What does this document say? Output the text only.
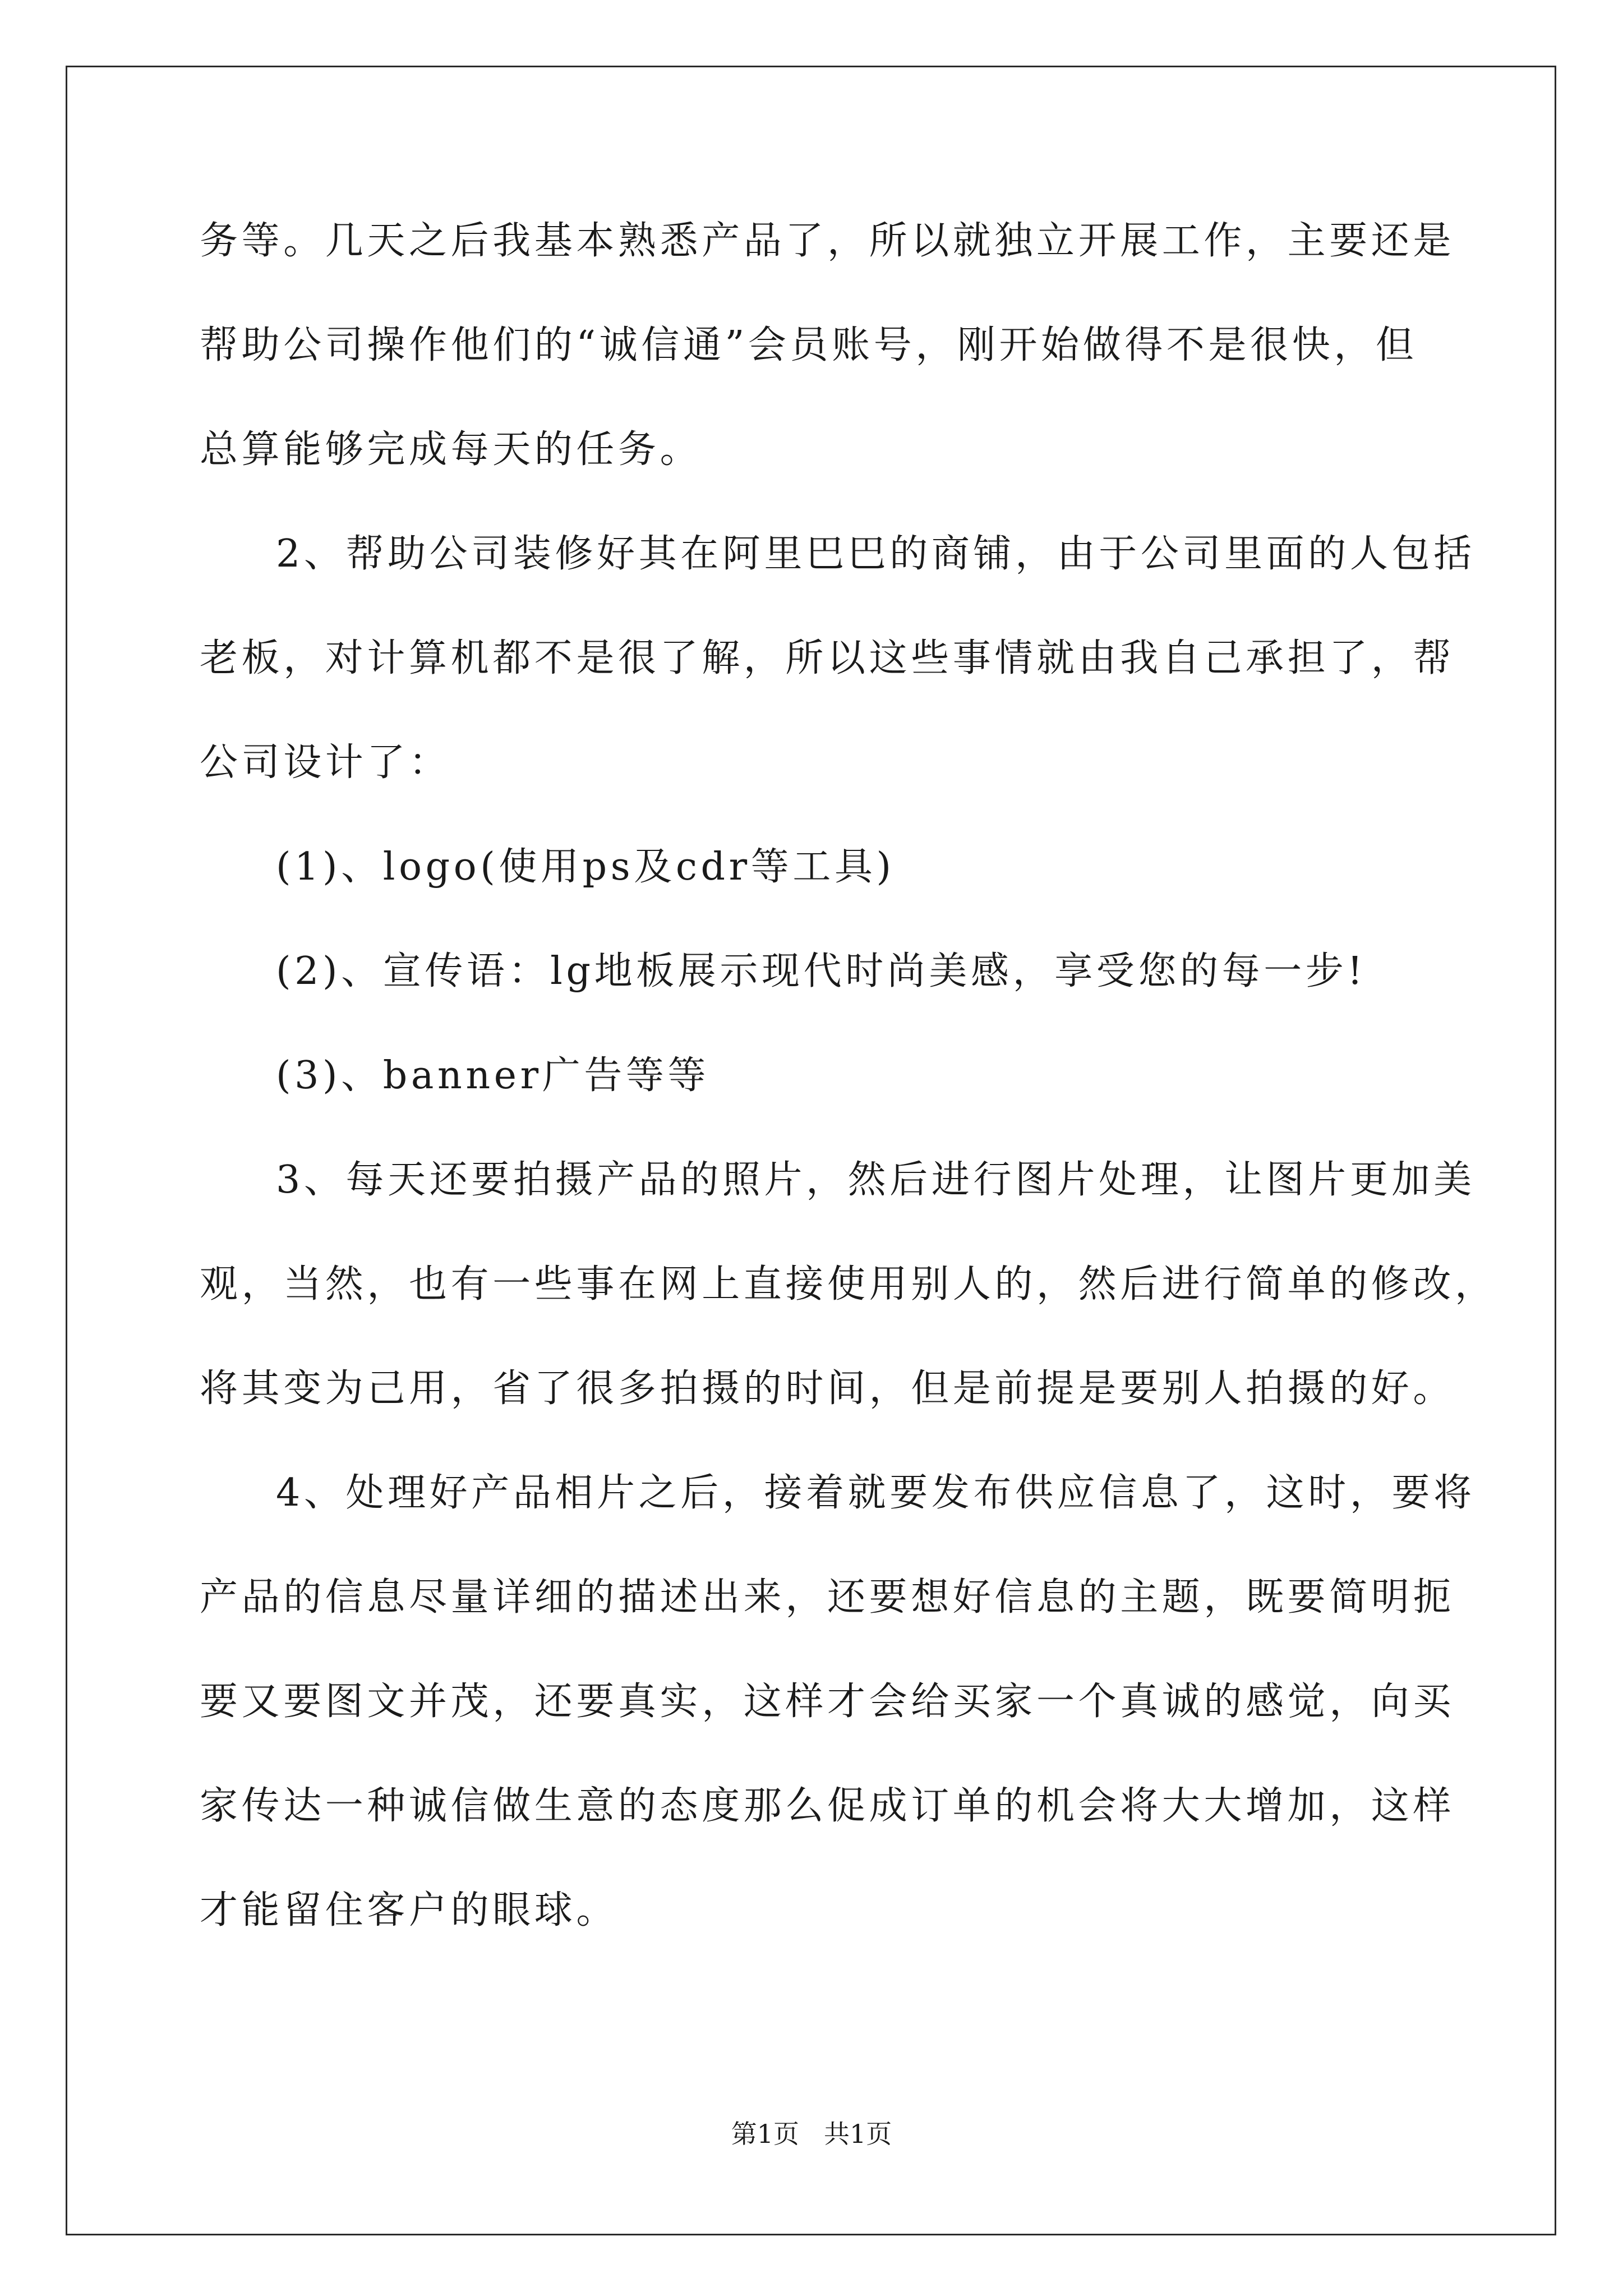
务等。几天之后我基本熟悉产品了，所以就独立开展工作，主要还是
帮助公司操作他们的“诚信通”会员账号，刚开始做得不是很快，但
总算能够完成每天的任务。
2、帮助公司装修好其在阿里巴巴的商铺，由于公司里面的人包括
老板，对计算机都不是很了解，所以这些事情就由我自己承担了，帮
公司设计了：
(1)、logo(使用ps及cdr等工具)
(2)、宣传语：lg地板展示现代时尚美感，享受您的每一步!
(3)、banner广告等等
3、每天还要拍摄产品的照片，然后进行图片处理，让图片更加美
观，当然，也有一些事在网上直接使用别人的，然后进行简单的修改，
将其变为己用，省了很多拍摄的时间，但是前提是要别人拍摄的好。
4、处理好产品相片之后，接着就要发布供应信息了，这时，要将
产品的信息尽量详细的描述出来，还要想好信息的主题，既要简明扼
要又要图文并茂，还要真实，这样才会给买家一个真诚的感觉，向买
家传达一种诚信做生意的态度那么促成订单的机会将大大增加，这样
才能留住客户的眼球。
第1页 共1页
